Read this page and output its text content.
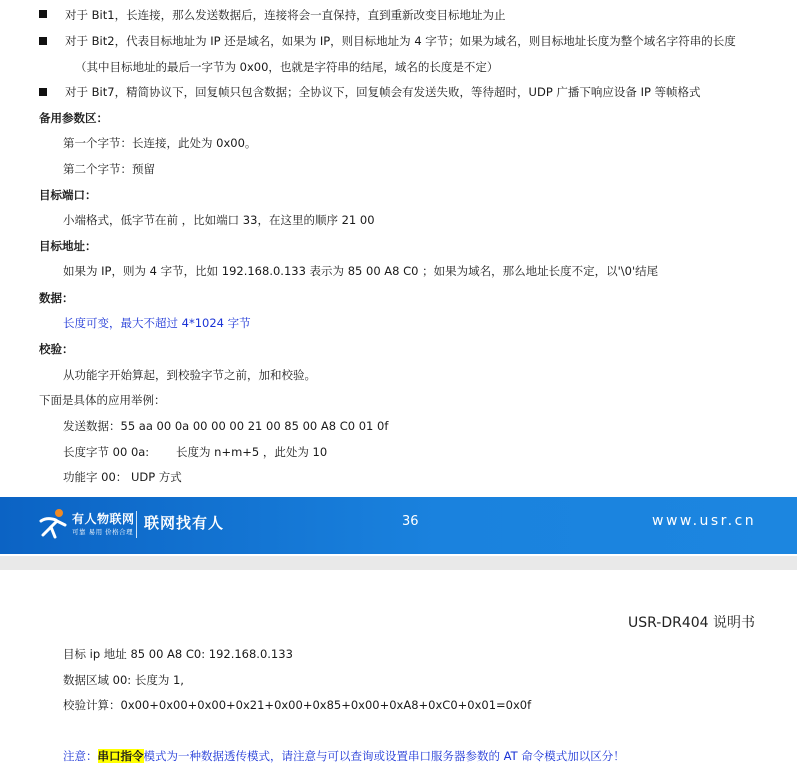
对于 Bit1，长连接，那么发送数据后，连接将会一直保持，直到重新改变目标地址为止
对于 Bit2，代表目标地址为 IP 还是域名，如果为 IP，则目标地址为 4 字节；如果为域名，则目标地址长度为整个域名字符串的长度
（其中目标地址的最后一字节为 0x00，也就是字符串的结尾，域名的长度是不定）
对于 Bit7，精简协议下，回复帧只包含数据；全协议下，回复帧会有发送失败，等待超时，UDP 广播下响应设备 IP 等帧格式
备用参数区：
第一个字节：长连接，此处为 0x00。
第二个字节：预留
目标端口：
小端格式，低字节在前 ，比如端口 33，在这里的顺序 21 00
目标地址：
如果为 IP，则为 4 字节，比如 192.168.0.133 表示为 85 00 A8 C0 ；如果为域名，那么地址长度不定，以'\0'结尾
数据：
长度可变，最大不超过 4*1024 字节
校验：
从功能字开始算起，到校验字节之前，加和校验。
下面是具体的应用举例：
发送数据：55 aa 00 0a 00 00 00 21 00 85 00 A8 C0 01 0f
长度字节 00 0a: 长度为 n+m+5 ，此处为 10
功能字 00： UDP 方式
有人物联网
可靠 易用 价格合理 联网找有人	36	www.usr.cn
USR-DR404 说明书
目标 ip 地址 85 00 A8 C0: 192.168.0.133
数据区域 00: 长度为 1,
校验计算：0x00+0x00+0x00+0x21+0x00+0x85+0x00+0xA8+0xC0+0x01=0x0f
注意：串口指令模式为一种数据透传模式，请注意与可以查询或设置串口服务器参数的 AT 命令模式加以区分！
